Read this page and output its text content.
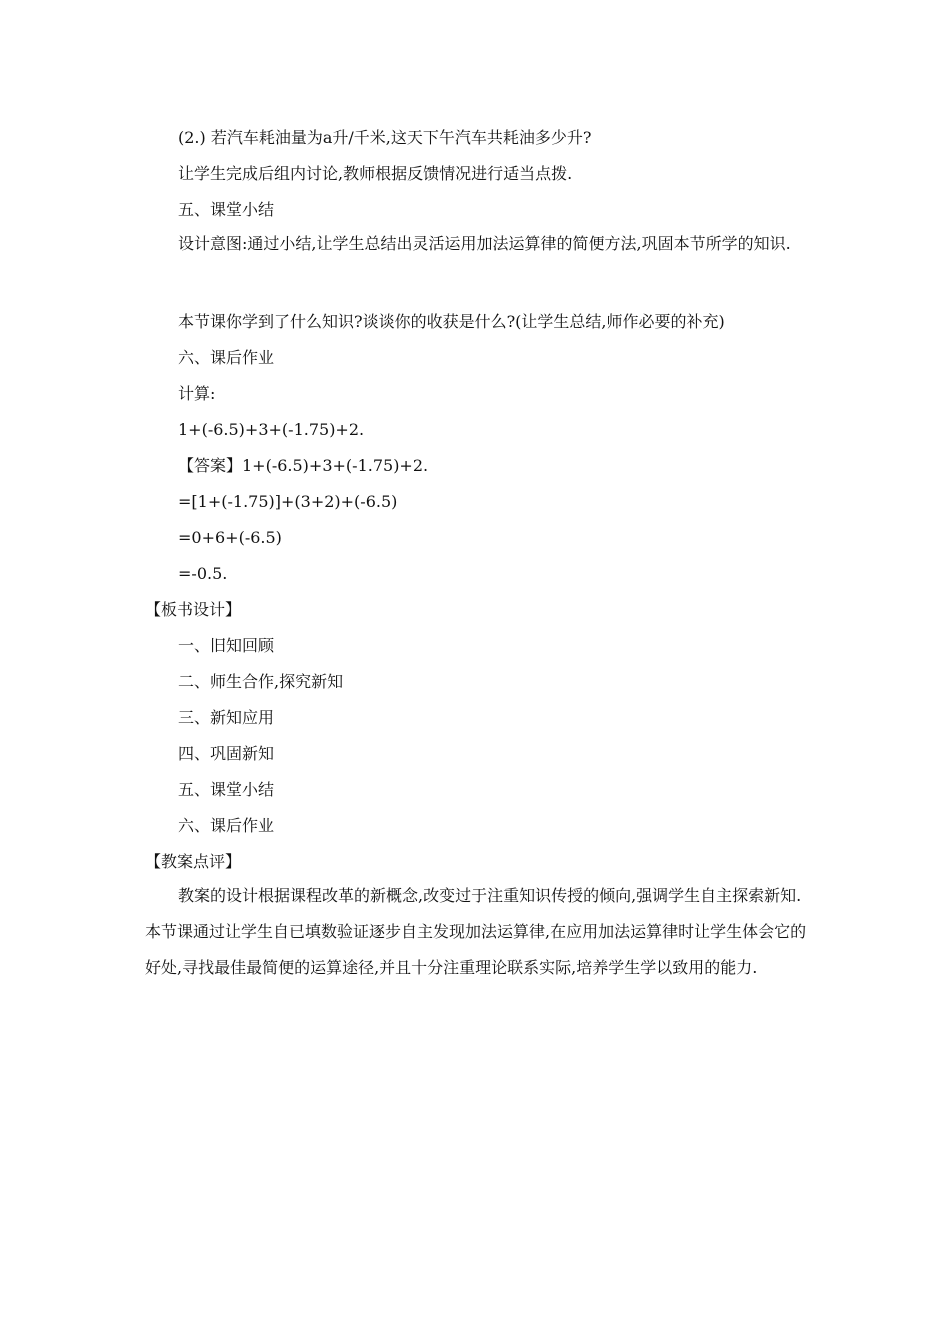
(2.) 若汽车耗油量为a升/千米,这天下午汽车共耗油多少升?
让学生完成后组内讨论,教师根据反馈情况进行适当点拨.
五、课堂小结
设计意图:通过小结,让学生总结出灵活运用加法运算律的简便方法,巩固本节所学的知识.
本节课你学到了什么知识?谈谈你的收获是什么?(让学生总结,师作必要的补充)
六、课后作业
计算:
1+(-6.5)+3+(-1.75)+2.
【答案】1+(-6.5)+3+(-1.75)+2.
=[1+(-1.75)]+(3+2)+(-6.5)
=0+6+(-6.5)
=-0.5.
【板书设计】
一、旧知回顾
二、师生合作,探究新知
三、新知应用
四、巩固新知
五、课堂小结
六、课后作业
【教案点评】
教案的设计根据课程改革的新概念,改变过于注重知识传授的倾向,强调学生自主探索新知.本节课通过让学生自已填数验证逐步自主发现加法运算律,在应用加法运算律时让学生体会它的好处,寻找最佳最简便的运算途径,并且十分注重理论联系实际,培养学生学以致用的能力.
